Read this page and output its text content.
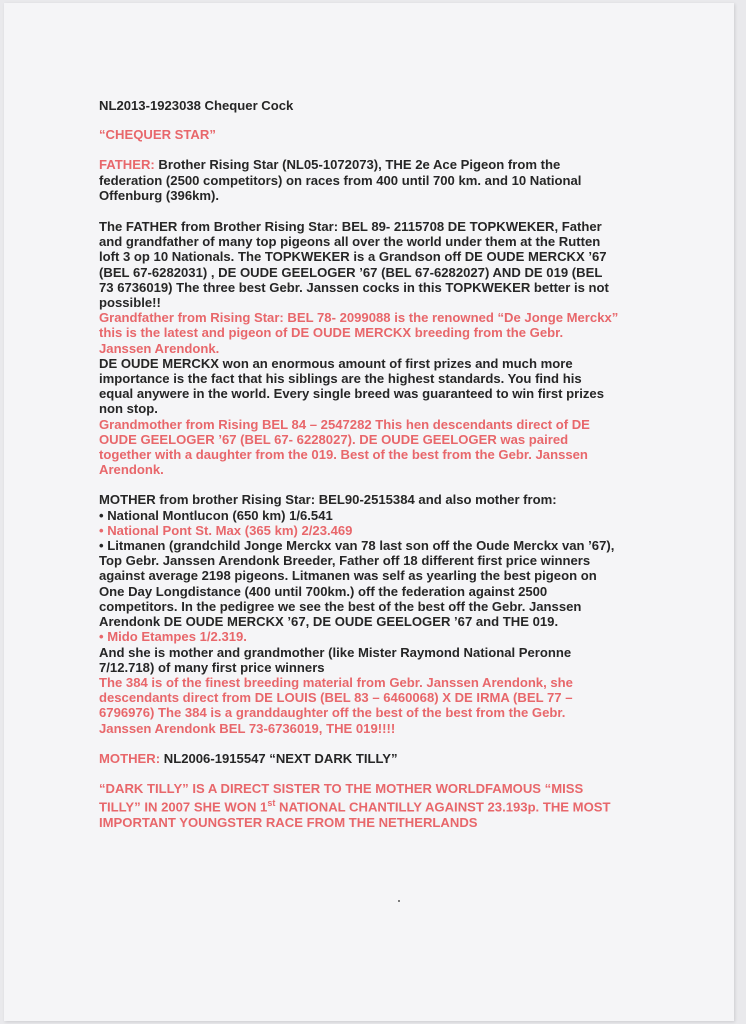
NL2013-1923038 Chequer Cock

“CHEQUER STAR”

FATHER: Brother Rising Star (NL05-1072073), THE 2e Ace Pigeon from the federation (2500 competitors) on races from 400 until 700 km. and 10 National Offenburg (396km).

The FATHER from Brother Rising Star: BEL 89- 2115708 DE TOPKWEKER, Father and grandfather of many top pigeons all over the world under them at the Rutten loft 3 op 10 Nationals. The TOPKWEKER is a Grandson off DE OUDE MERCKX ’67 (BEL 67-6282031) , DE OUDE GEELOGER ’67 (BEL 67-6282027) AND DE 019 (BEL 73 6736019) The three best Gebr. Janssen cocks in this TOPKWEKER better is not possible!!

Grandfather from Rising Star: BEL 78- 2099088 is the renowned “De Jonge Merckx” this is the latest and pigeon of DE OUDE MERCKX breeding from the Gebr. Janssen Arendonk.

DE OUDE MERCKX won an enormous amount of first prizes and much more importance is the fact that his siblings are the highest standards. You find his equal anywere in the world. Every single breed was guaranteed to win first prizes non stop.

Grandmother from Rising BEL 84 – 2547282 This hen descendants direct of DE OUDE GEELOGER ’67 (BEL 67- 6228027). DE OUDE GEELOGER was paired together with a daughter from the 019. Best of the best from the Gebr. Janssen Arendonk.

MOTHER from brother Rising Star: BEL90-2515384 and also mother from:

• National Montlucon (650 km) 1/6.541

• National Pont St. Max (365 km) 2/23.469

• Litmanen (grandchild Jonge Merckx van 78 last son off the Oude Merckx van ’67), Top Gebr. Janssen Arendonk Breeder, Father off 18 different first price winners against average 2198 pigeons. Litmanen was self as yearling the best pigeon on One Day Longdistance (400 until 700km.) off the federation against 2500 competitors. In the pedigree we see the best of the best off the Gebr. Janssen Arendonk DE OUDE MERCKX ’67, DE OUDE GEELOGER ’67 and THE 019.

• Mido Etampes 1/2.319.

And she is mother and grandmother (like Mister Raymond National Peronne 7/12.718) of many first price winners

The 384 is of the finest breeding material from Gebr. Janssen Arendonk, she descendants direct from DE LOUIS (BEL 83 – 6460068) X DE IRMA (BEL 77 – 6796976) The 384 is a granddaughter off the best of the best from the Gebr. Janssen Arendonk BEL 73-6736019, THE 019!!!!

MOTHER: NL2006-1915547 “NEXT DARK TILLY”

“DARK TILLY” IS A DIRECT SISTER TO THE MOTHER WORLDFAMOUS “MISS TILLY” IN 2007 SHE WON 1st NATIONAL CHANTILLY AGAINST 23.193p. THE MOST IMPORTANT YOUNGSTER RACE FROM THE NETHERLANDS
